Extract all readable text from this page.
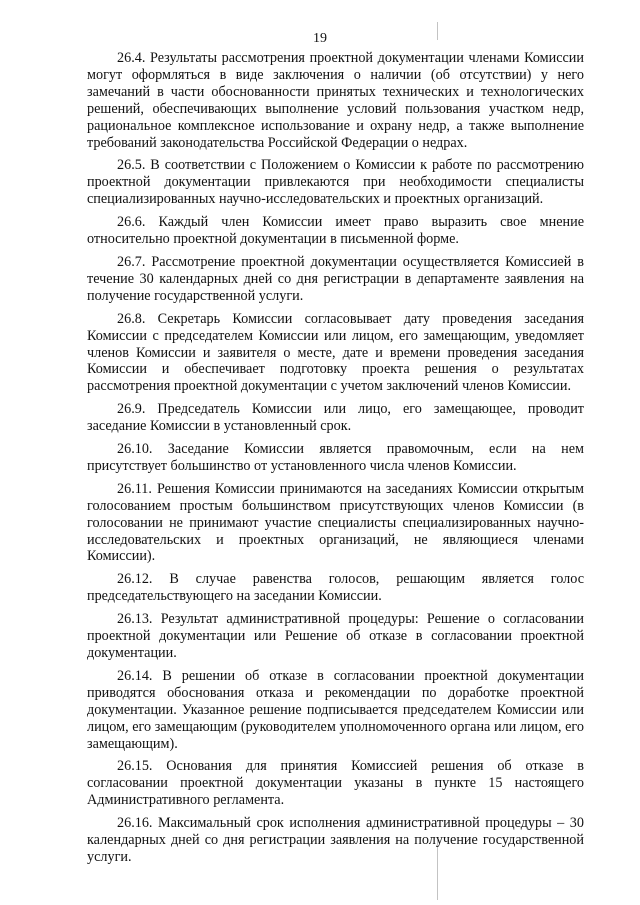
19

26.4. Результаты рассмотрения проектной документации членами Комиссии могут оформляться в виде заключения о наличии (об отсутствии) у него замечаний в части обоснованности принятых технических и технологических решений, обеспечивающих выполнение условий пользования участком недр, рациональное комплексное использование и охрану недр, а также выполнение требований законодательства Российской Федерации о недрах.

26.5. В соответствии с Положением о Комиссии к работе по рассмотрению проектной документации привлекаются при необходимости специалисты специализированных научно-исследовательских и проектных организаций.

26.6. Каждый член Комиссии имеет право выразить свое мнение относительно проектной документации в письменной форме.

26.7. Рассмотрение проектной документации осуществляется Комиссией в течение 30 календарных дней со дня регистрации в департаменте заявления на получение государственной услуги.

26.8. Секретарь Комиссии согласовывает дату проведения заседания Комиссии с председателем Комиссии или лицом, его замещающим, уведомляет членов Комиссии и заявителя о месте, дате и времени проведения заседания Комиссии и обеспечивает подготовку проекта решения о результатах рассмотрения проектной документации с учетом заключений членов Комиссии.

26.9. Председатель Комиссии или лицо, его замещающее, проводит заседание Комиссии в установленный срок.

26.10. Заседание Комиссии является правомочным, если на нем присутствует большинство от установленного числа членов Комиссии.

26.11. Решения Комиссии принимаются на заседаниях Комиссии открытым голосованием простым большинством присутствующих членов Комиссии (в голосовании не принимают участие специалисты специализированных научно-исследовательских и проектных организаций, не являющиеся членами Комиссии).

26.12. В случае равенства голосов, решающим является голос председательствующего на заседании Комиссии.

26.13. Результат административной процедуры: Решение о согласовании проектной документации или Решение об отказе в согласовании проектной документации.

26.14. В решении об отказе в согласовании проектной документации приводятся обоснования отказа и рекомендации по доработке проектной документации. Указанное решение подписывается председателем Комиссии или лицом, его замещающим (руководителем уполномоченного органа или лицом, его замещающим).

26.15. Основания для принятия Комиссией решения об отказе в согласовании проектной документации указаны в пункте 15 настоящего Административного регламента.

26.16. Максимальный срок исполнения административной процедуры – 30 календарных дней со дня регистрации заявления на получение государственной услуги.
